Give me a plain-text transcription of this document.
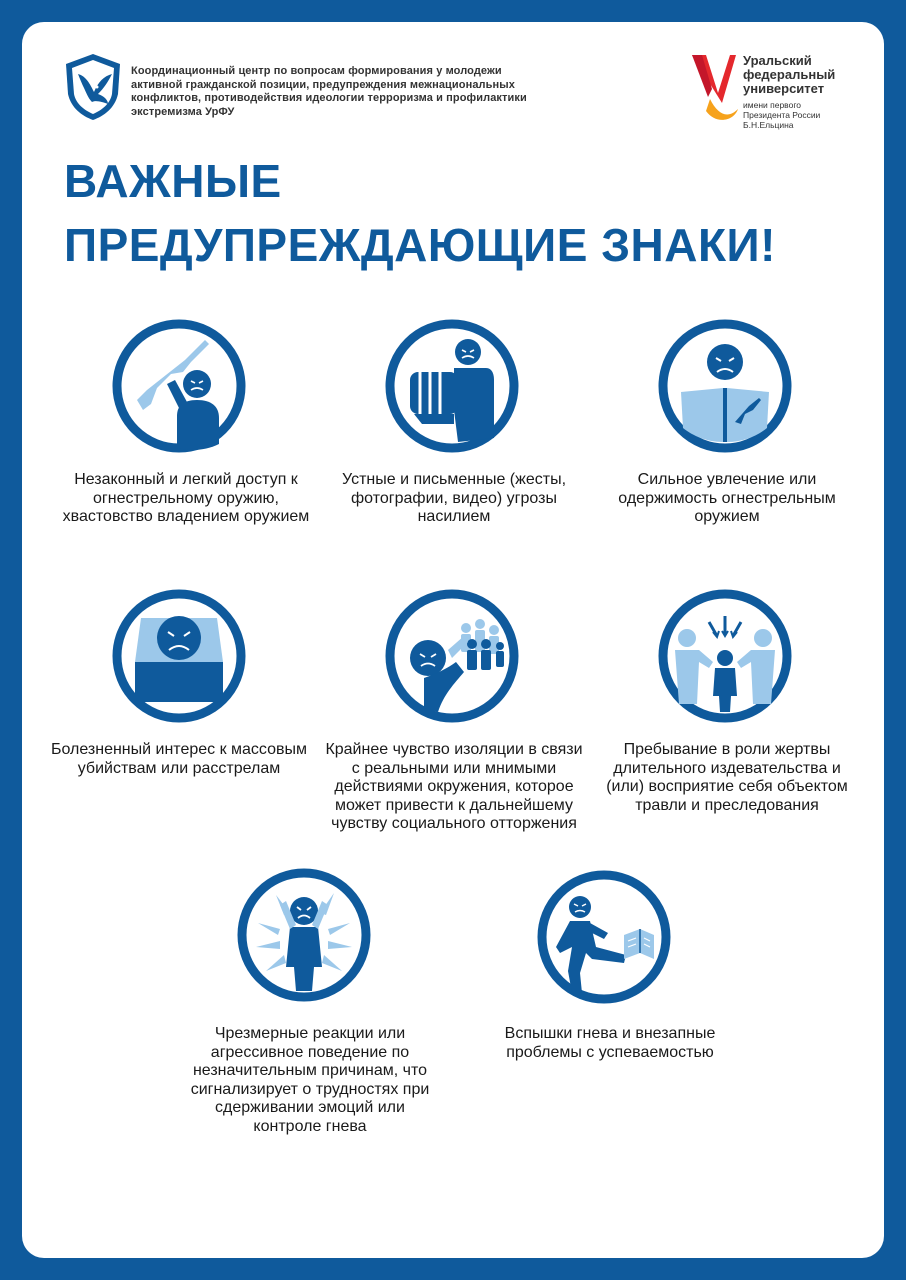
Координационный центр по вопросам формирования у молодежи активной гражданской позиции, предупреждения межнациональных конфликтов, противодействия идеологии терроризма и профилактики экстремизма УрФУ
Уральский федеральный университет
имени первого Президента России Б.Н.Ельцина
ВАЖНЫЕ
ПРЕДУПРЕЖДАЮЩИЕ ЗНАКИ!
Незаконный и легкий доступ к огнестрельному оружию, хвастовство владением оружием
Устные и письменные (жесты, фотографии, видео) угрозы насилием
Сильное увлечение или одержимость огнестрельным оружием
Болезненный интерес к массовым убийствам или расстрелам
Крайнее чувство изоляции в связи с реальными или мнимыми действиями окружения, которое может привести к дальнейшему чувству социального отторжения
Пребывание в роли жертвы длительного издевательства и (или) восприятие себя объектом травли и преследования
Чрезмерные реакции или агрессивное поведение по незначительным причинам, что сигнализирует о трудностях при сдерживании эмоций или контроле гнева
Вспышки гнева и внезапные проблемы с успеваемостью
